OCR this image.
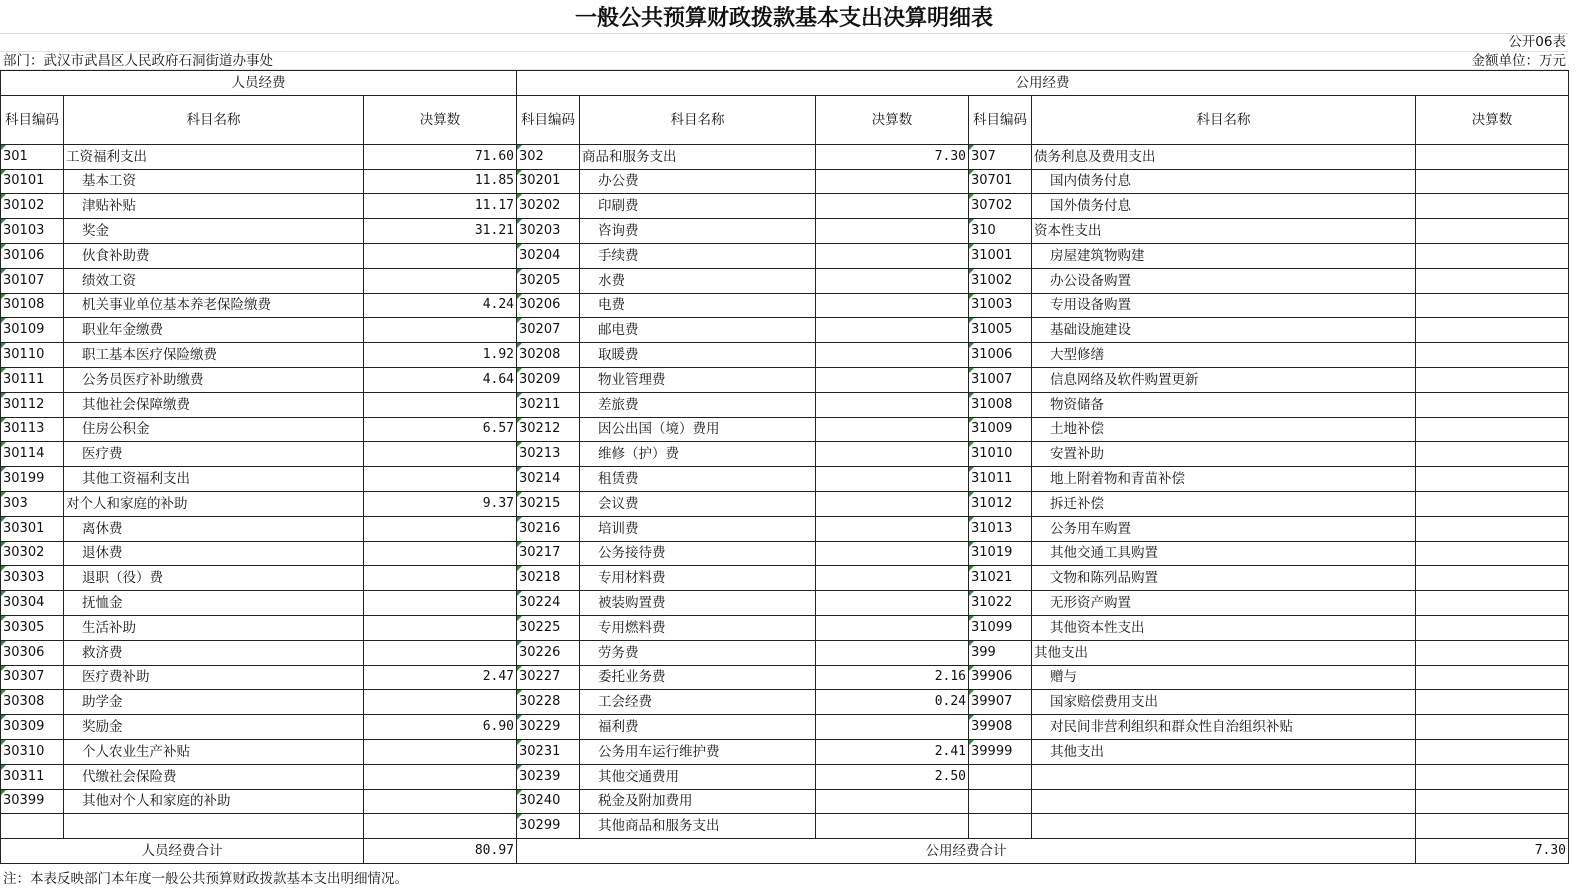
一般公共预算财政拨款基本支出决算明细表
公开06表
部门：武汉市武昌区人民政府石洞街道办事处	金额单位：万元
人员经费			公用经费					
科目编码	科目名称	决算数	科目编码	科目名称	决算数	科目编码	科目名称	决算数
301	工资福利支出	71.60	302	商品和服务支出	7.30	307	债务利息及费用支出	
30101	基本工资	11.85	30201	办公费		30701	国内债务付息	
30102	津贴补贴	11.17	30202	印刷费		30702	国外债务付息	
30103	奖金	31.21	30203	咨询费		310	资本性支出	
30106	伙食补助费		30204	手续费		31001	房屋建筑物购建	
30107	绩效工资		30205	水费		31002	办公设备购置	
30108	机关事业单位基本养老保险缴费	4.24	30206	电费		31003	专用设备购置	
30109	职业年金缴费		30207	邮电费		31005	基础设施建设	
30110	职工基本医疗保险缴费	1.92	30208	取暖费		31006	大型修缮	
30111	公务员医疗补助缴费	4.64	30209	物业管理费		31007	信息网络及软件购置更新	
30112	其他社会保障缴费		30211	差旅费		31008	物资储备	
30113	住房公积金	6.57	30212	因公出国（境）费用		31009	土地补偿	
30114	医疗费		30213	维修（护）费		31010	安置补助	
30199	其他工资福利支出		30214	租赁费		31011	地上附着物和青苗补偿	
303	对个人和家庭的补助	9.37	30215	会议费		31012	拆迁补偿	
30301	离休费		30216	培训费		31013	公务用车购置	
30302	退休费		30217	公务接待费		31019	其他交通工具购置	
30303	退职（役）费		30218	专用材料费		31021	文物和陈列品购置	
30304	抚恤金		30224	被装购置费		31022	无形资产购置	
30305	生活补助		30225	专用燃料费		31099	其他资本性支出	
30306	救济费		30226	劳务费		399	其他支出	
30307	医疗费补助	2.47	30227	委托业务费	2.16	39906	赠与	
30308	助学金		30228	工会经费	0.24	39907	国家赔偿费用支出	
30309	奖励金	6.90	30229	福利费		39908	对民间非营利组织和群众性自治组织补贴	
30310	个人农业生产补贴		30231	公务用车运行维护费	2.41	39999	其他支出	
30311	代缴社会保险费		30239	其他交通费用	2.50			
30399	其他对个人和家庭的补助		30240	税金及附加费用				
			30299	其他商品和服务支出				
人员经费合计		80.97	公用经费合计					7.30
注：本表反映部门本年度一般公共预算财政拨款基本支出明细情况。
